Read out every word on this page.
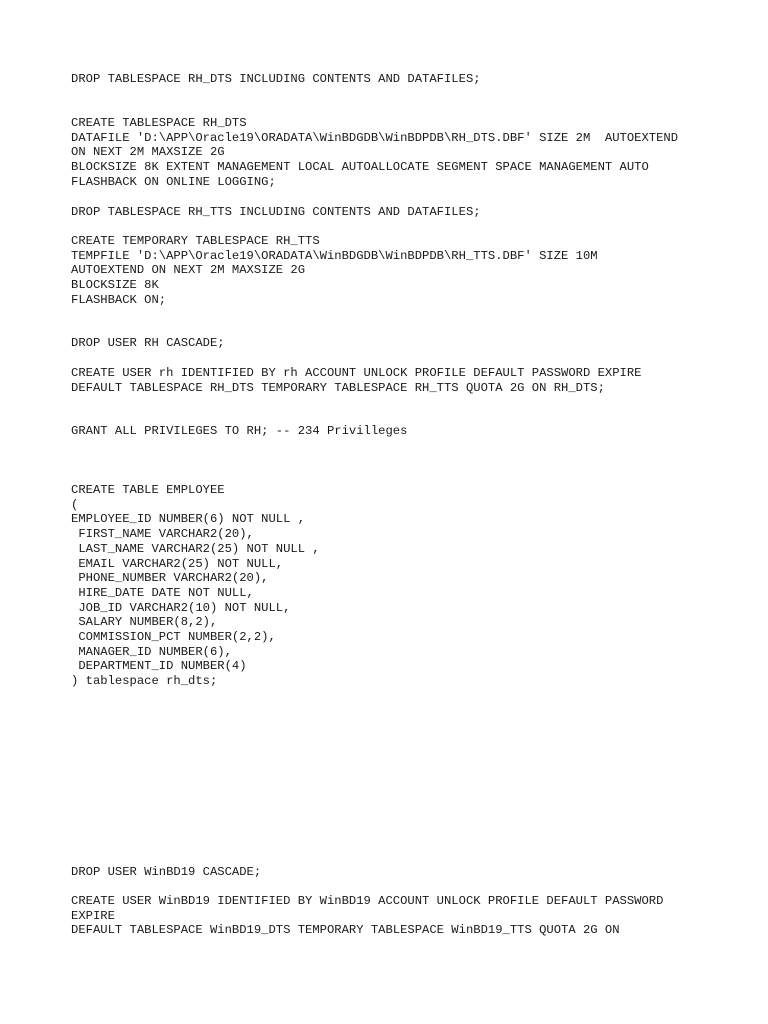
DROP TABLESPACE RH_DTS INCLUDING CONTENTS AND DATAFILES;
CREATE TABLESPACE RH_DTS
DATAFILE 'D:\APP\Oracle19\ORADATA\WinBDGDB\WinBDPDB\RH_DTS.DBF' SIZE 2M  AUTOEXTEND
ON NEXT 2M MAXSIZE 2G
BLOCKSIZE 8K EXTENT MANAGEMENT LOCAL AUTOALLOCATE SEGMENT SPACE MANAGEMENT AUTO
FLASHBACK ON ONLINE LOGGING;
DROP TABLESPACE RH_TTS INCLUDING CONTENTS AND DATAFILES;
CREATE TEMPORARY TABLESPACE RH_TTS
TEMPFILE 'D:\APP\Oracle19\ORADATA\WinBDGDB\WinBDPDB\RH_TTS.DBF' SIZE 10M
AUTOEXTEND ON NEXT 2M MAXSIZE 2G
BLOCKSIZE 8K
FLASHBACK ON;
DROP USER RH CASCADE;
CREATE USER rh IDENTIFIED BY rh ACCOUNT UNLOCK PROFILE DEFAULT PASSWORD EXPIRE
DEFAULT TABLESPACE RH_DTS TEMPORARY TABLESPACE RH_TTS QUOTA 2G ON RH_DTS;
GRANT ALL PRIVILEGES TO RH; -- 234 Privilleges
CREATE TABLE EMPLOYEE
(
EMPLOYEE_ID NUMBER(6) NOT NULL ,
FIRST_NAME VARCHAR2(20),
LAST_NAME VARCHAR2(25) NOT NULL ,
EMAIL VARCHAR2(25) NOT NULL,
PHONE_NUMBER VARCHAR2(20),
HIRE_DATE DATE NOT NULL,
JOB_ID VARCHAR2(10) NOT NULL,
SALARY NUMBER(8,2),
COMMISSION_PCT NUMBER(2,2),
MANAGER_ID NUMBER(6),
DEPARTMENT_ID NUMBER(4)
) tablespace rh_dts;
DROP USER WinBD19 CASCADE;
CREATE USER WinBD19 IDENTIFIED BY WinBD19 ACCOUNT UNLOCK PROFILE DEFAULT PASSWORD
EXPIRE
DEFAULT TABLESPACE WinBD19_DTS TEMPORARY TABLESPACE WinBD19_TTS QUOTA 2G ON
